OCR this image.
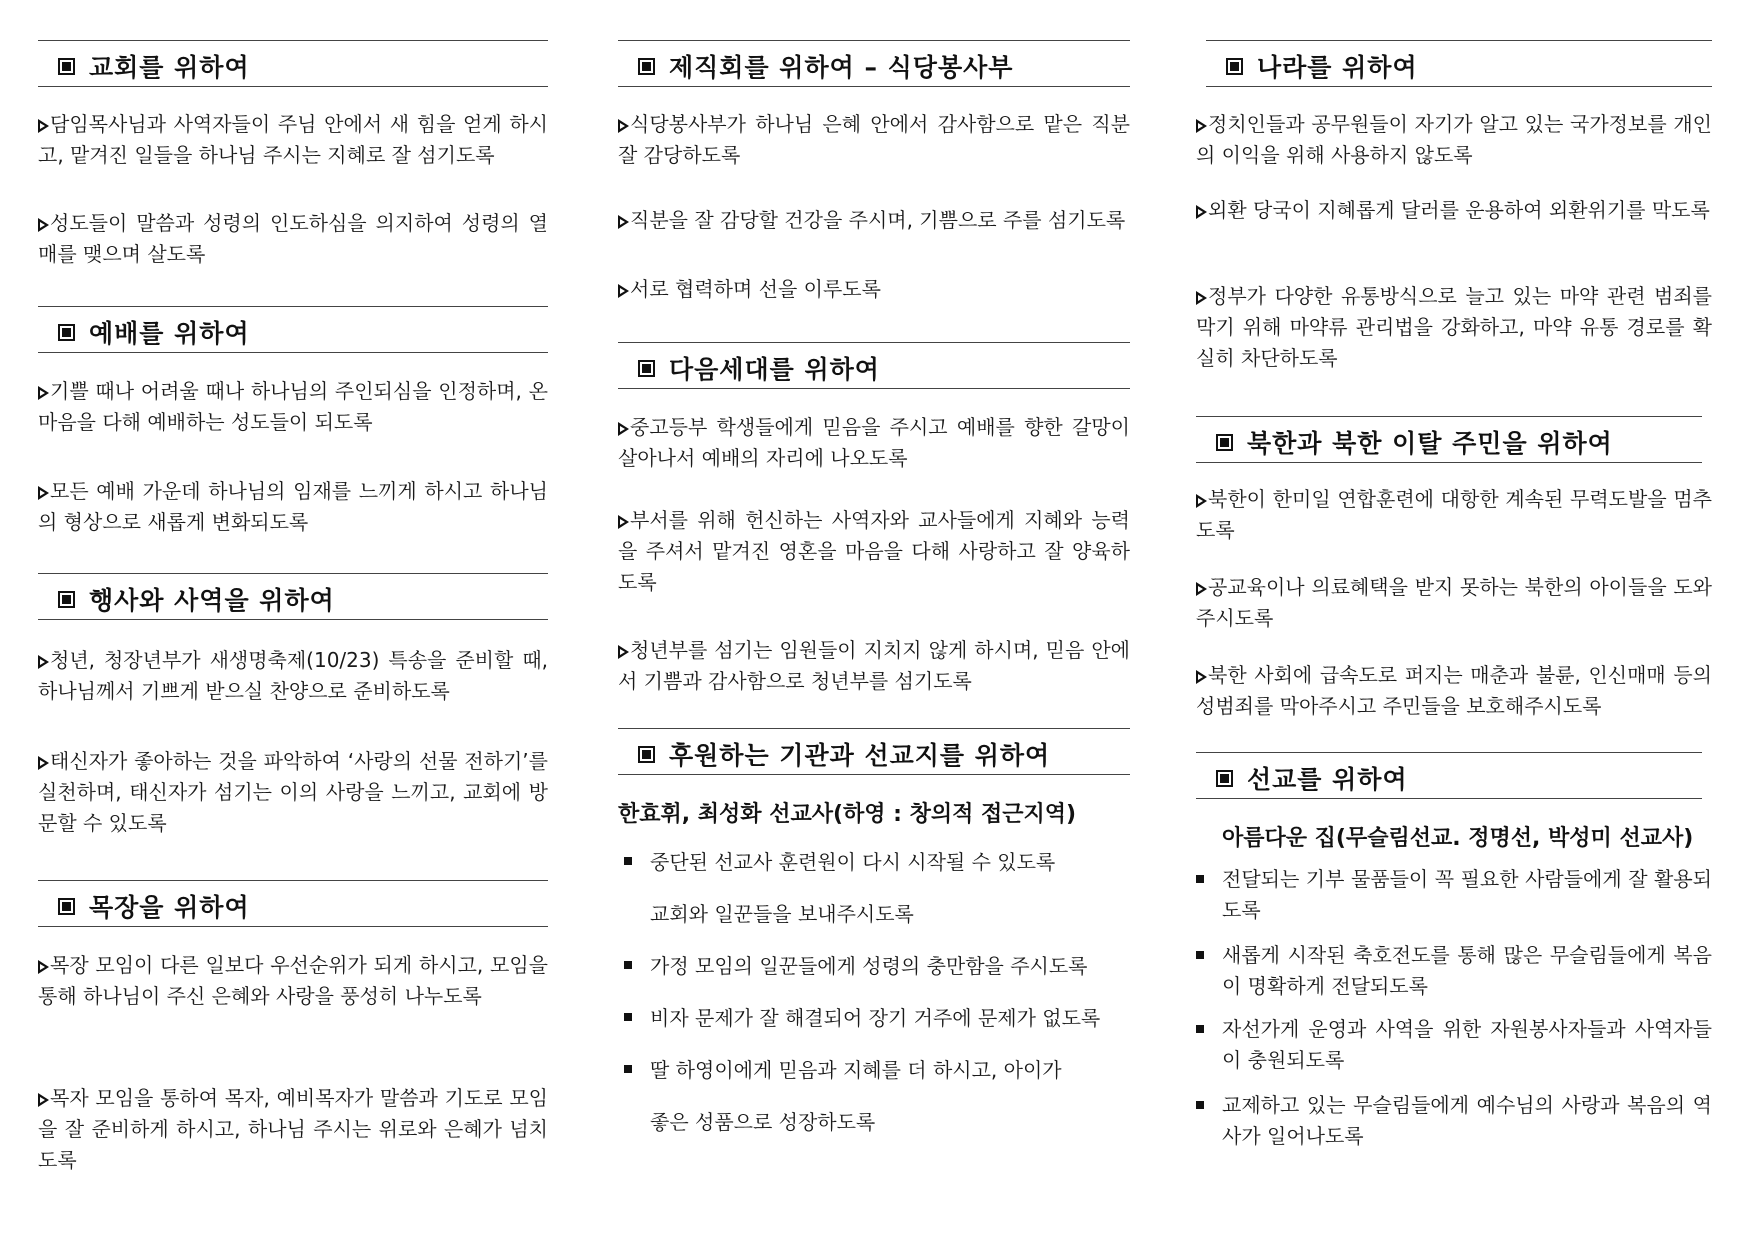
교회를 위하여
담임목사님과 사역자들이 주님 안에서 새 힘을 얻게 하시고, 맡겨진 일들을 하나님 주시는 지혜로 잘 섬기도록
성도들이 말씀과 성령의 인도하심을 의지하여 성령의 열매를 맺으며 살도록
예배를 위하여
기쁠 때나 어려울 때나 하나님의 주인되심을 인정하며, 온 마음을 다해 예배하는 성도들이 되도록
모든 예배 가운데 하나님의 임재를 느끼게 하시고 하나님의 형상으로 새롭게 변화되도록
행사와 사역을 위하여
청년, 청장년부가 새생명축제(10/23) 특송을 준비할 때, 하나님께서 기쁘게 받으실 찬양으로 준비하도록
태신자가 좋아하는 것을 파악하여 ‘사랑의 선물 전하기’를 실천하며, 태신자가 섬기는 이의 사랑을 느끼고, 교회에 방문할 수 있도록
목장을 위하여
목장 모임이 다른 일보다 우선순위가 되게 하시고, 모임을 통해 하나님이 주신 은혜와 사랑을 풍성히 나누도록
목자 모임을 통하여 목자, 예비목자가 말씀과 기도로 모임을 잘 준비하게 하시고, 하나님 주시는 위로와 은혜가 넘치도록
제직회를 위하여 – 식당봉사부
식당봉사부가 하나님 은혜 안에서 감사함으로 맡은 직분 잘 감당하도록
직분을 잘 감당할 건강을 주시며, 기쁨으로 주를 섬기도록
서로 협력하며 선을 이루도록
다음세대를 위하여
중고등부 학생들에게 믿음을 주시고 예배를 향한 갈망이 살아나서 예배의 자리에 나오도록
부서를 위해 헌신하는 사역자와 교사들에게 지혜와 능력을 주셔서 맡겨진 영혼을 마음을 다해 사랑하고 잘 양육하도록
청년부를 섬기는 임원들이 지치지 않게 하시며, 믿음 안에서 기쁨과 감사함으로 청년부를 섬기도록
후원하는 기관과 선교지를 위하여
한효휘, 최성화 선교사(하영 : 창의적 접근지역)
중단된 선교사 훈련원이 다시 시작될 수 있도록
교회와 일꾼들을 보내주시도록
가정 모임의 일꾼들에게 성령의 충만함을 주시도록
비자 문제가 잘 해결되어 장기 거주에 문제가 없도록
딸 하영이에게 믿음과 지혜를 더 하시고, 아이가
좋은 성품으로 성장하도록
나라를 위하여
정치인들과 공무원들이 자기가 알고 있는 국가정보를 개인의 이익을 위해 사용하지 않도록
외환 당국이 지혜롭게 달러를 운용하여 외환위기를 막도록
정부가 다양한 유통방식으로 늘고 있는 마약 관련 범죄를 막기 위해 마약류 관리법을 강화하고, 마약 유통 경로를 확실히 차단하도록
북한과 북한 이탈 주민을 위하여
북한이 한미일 연합훈련에 대항한 계속된 무력도발을 멈추도록
공교육이나 의료혜택을 받지 못하는 북한의 아이들을 도와주시도록
북한 사회에 급속도로 퍼지는 매춘과 불륜, 인신매매 등의 성범죄를 막아주시고 주민들을 보호해주시도록
선교를 위하여
아름다운 집(무슬림선교. 정명선, 박성미 선교사)
전달되는 기부 물품들이 꼭 필요한 사람들에게 잘 활용되도록
새롭게 시작된 축호전도를 통해 많은 무슬림들에게 복음이 명확하게 전달되도록
자선가게 운영과 사역을 위한 자원봉사자들과 사역자들이 충원되도록
교제하고 있는 무슬림들에게 예수님의 사랑과 복음의 역사가 일어나도록
